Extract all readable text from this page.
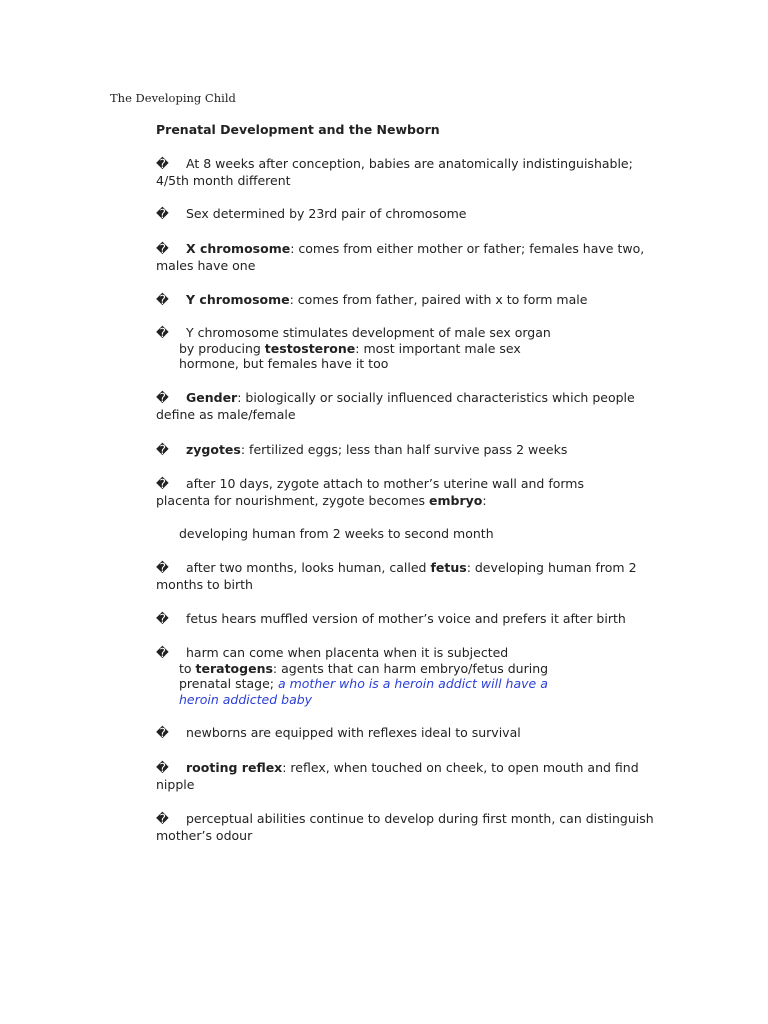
The Developing Child
Prenatal Development and the Newborn
� At 8 weeks after conception, babies are anatomically indistinguishable;
4/5th month different
� Sex determined by 23rd pair of chromosome
� X chromosome: comes from either mother or father; females have two,
males have one
� Y chromosome: comes from father, paired with x to form male
� Y chromosome stimulates development of male sex organ
by producing testosterone: most important male sex
hormone, but females have it too
� Gender: biologically or socially influenced characteristics which people
define as male/female
� zygotes: fertilized eggs; less than half survive pass 2 weeks
� after 10 days, zygote attach to mother’s uterine wall and forms
placenta for nourishment, zygote becomes embryo:
developing human from 2 weeks to second month
� after two months, looks human, called fetus: developing human from 2
months to birth
� fetus hears muffled version of mother’s voice and prefers it after birth
� harm can come when placenta when it is subjected
to teratogens: agents that can harm embryo/fetus during
prenatal stage; a mother who is a heroin addict will have a
heroin addicted baby
� newborns are equipped with reflexes ideal to survival
� rooting reflex: reflex, when touched on cheek, to open mouth and find
nipple
� perceptual abilities continue to develop during first month, can distinguish
mother’s odour
